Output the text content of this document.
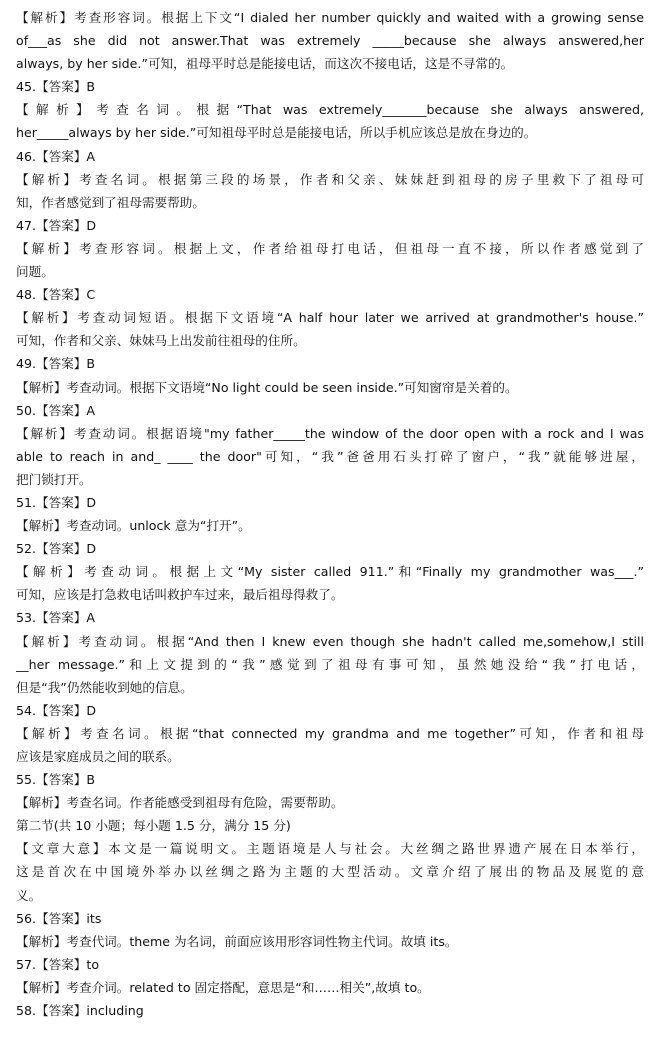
【解析】考查形容词。根据上下文“I dialed her number quickly and waited with a growing sense
of___as she did not answer.That was extremely _____because she always answered,her
always, by her side.”可知，祖母平时总是能接电话，而这次不接电话，这是不寻常的。
45.【答案】B
【解析】考查名词。根据“That was extremely_______because she always answered,
her_____always by her side.”可知祖母平时总是能接电话，所以手机应该总是放在身边的。
46.【答案】A
【解析】考查名词。根据第三段的场景，作者和父亲、妹妹赶到祖母的房子里救下了祖母可
知，作者感觉到了祖母需要帮助。
47.【答案】D
【解析】考查形容词。根据上文，作者给祖母打电话，但祖母一直不接，所以作者感觉到了
问题。
48.【答案】C
【解析】考查动词短语。根据下文语境“A half hour later we arrived at grandmother's house.”
可知，作者和父亲、妹妹马上出发前往祖母的住所。
49.【答案】B
【解析】考查动词。根据下文语境“No light could be seen inside.”可知窗帘是关着的。
50.【答案】A
【解析】考查动词。根据语境"my father_____the window of the door open with a rock and I was
able to reach in and_ ____ the door"可知，“我”爸爸用石头打碎了窗户，“我”就能够进屋，
把门锁打开。
51.【答案】D
【解析】考查动词。unlock 意为“打开”。
52.【答案】D
【解析】考查动词。根据上文“My sister called 911.”和“Finally my grandmother was___.”
可知，应该是打急救电话叫救护车过来，最后祖母得救了。
53.【答案】A
【解析】考查动词。根据“And then I knew even though she hadn't called me,somehow,I still
__her message.”和上文提到的“我”感觉到了祖母有事可知，虽然她没给“我”打电话，
但是“我”仍然能收到她的信息。
54.【答案】D
【解析】考查名词。根据“that connected my grandma and me together”可知，作者和祖母
应该是家庭成员之间的联系。
55.【答案】B
【解析】考查名词。作者能感受到祖母有危险，需要帮助。
第二节(共 10 小题；每小题 1.5 分，满分 15 分)
【文章大意】本文是一篇说明文。主题语境是人与社会。大丝绸之路世界遗产展在日本举行，
这是首次在中国境外举办以丝绸之路为主题的大型活动。文章介绍了展出的物品及展览的意
义。
56.【答案】its
【解析】考查代词。theme 为名词，前面应该用形容词性物主代词。故填 its。
57.【答案】to
【解析】考查介词。related to 固定搭配，意思是“和……相关”,故填 to。
58.【答案】including
